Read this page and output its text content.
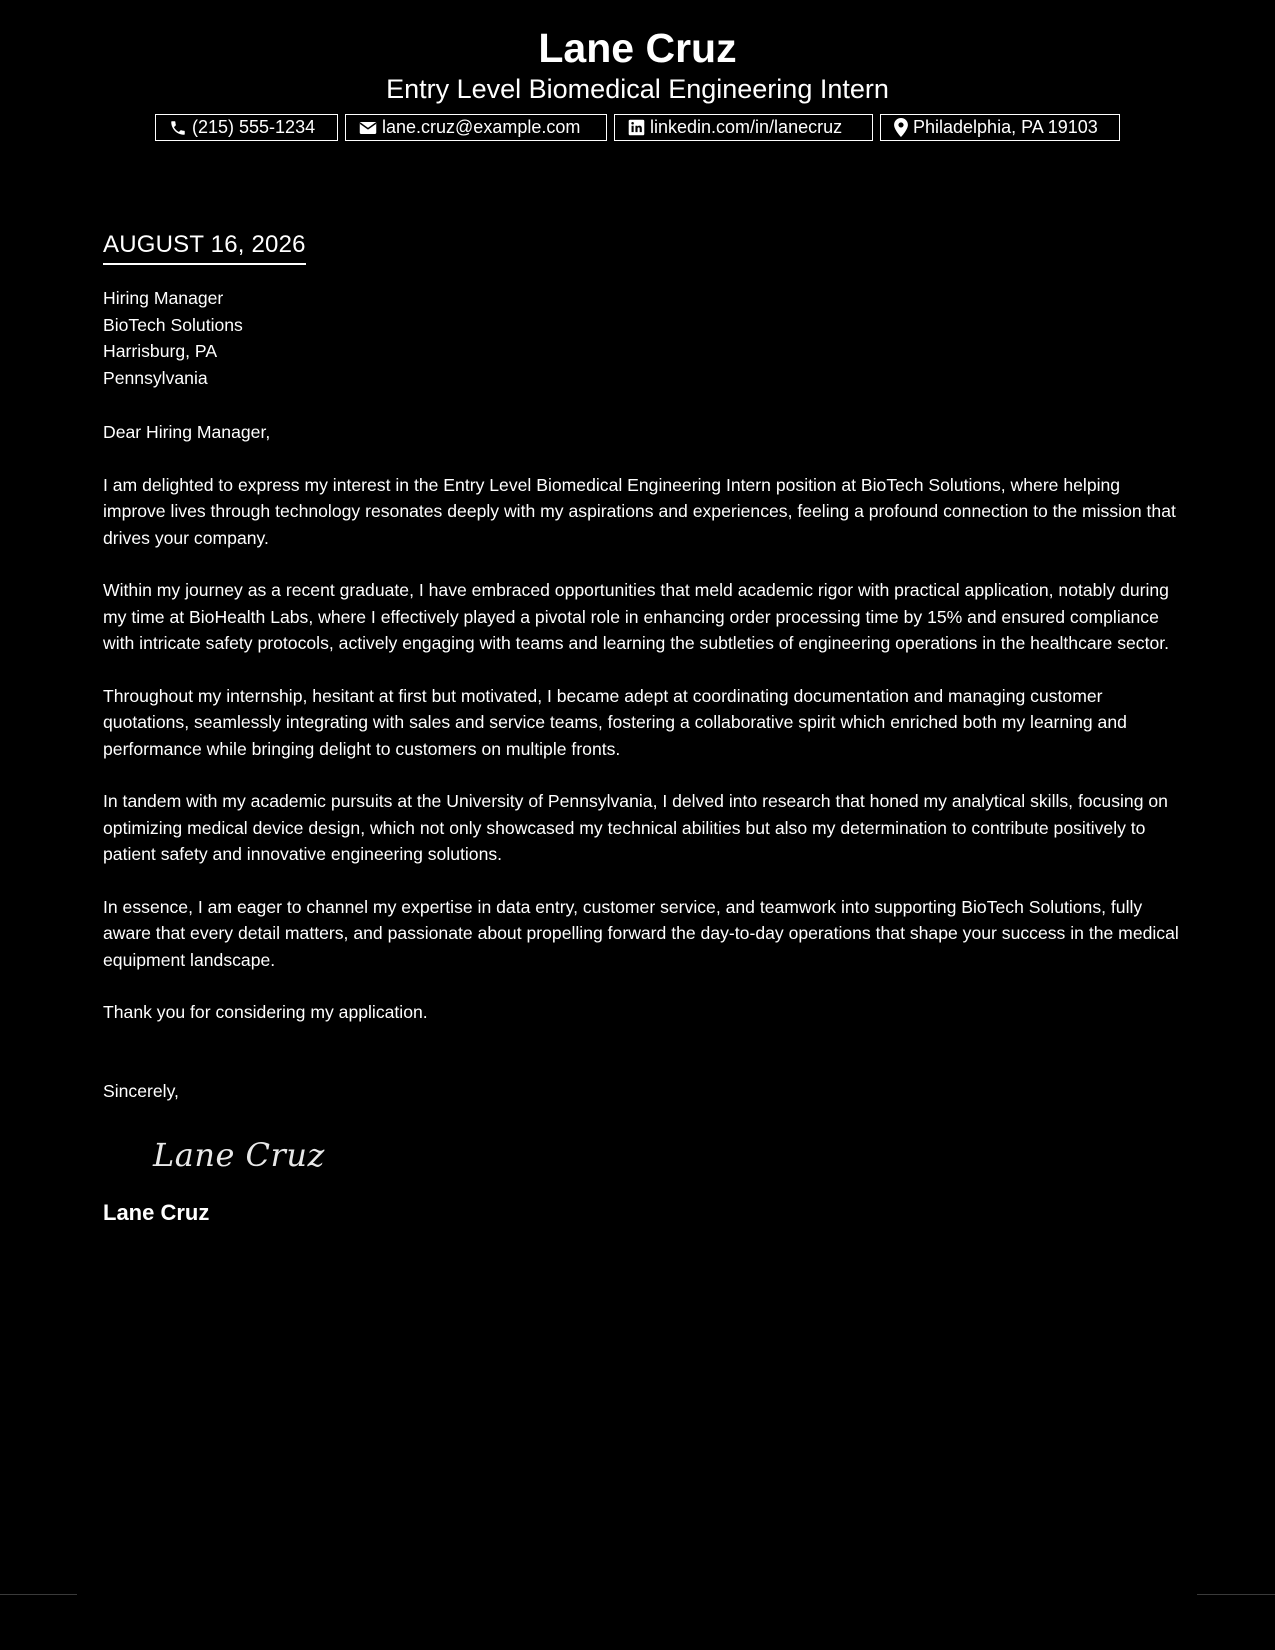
Lane Cruz
Entry Level Biomedical Engineering Intern
(215) 555-1234	lane.cruz@example.com	linkedin.com/in/lanecruz	Philadelphia, PA 19103
AUGUST 16, 2026
Hiring Manager
BioTech Solutions
Harrisburg, PA
Pennsylvania
Dear Hiring Manager,

I am delighted to express my interest in the Entry Level Biomedical Engineering Intern position at BioTech Solutions, where helping improve lives through technology resonates deeply with my aspirations and experiences, feeling a profound connection to the mission that drives your company.

Within my journey as a recent graduate, I have embraced opportunities that meld academic rigor with practical application, notably during my time at BioHealth Labs, where I effectively played a pivotal role in enhancing order processing time by 15% and ensured compliance with intricate safety protocols, actively engaging with teams and learning the subtleties of engineering operations in the healthcare sector.

Throughout my internship, hesitant at first but motivated, I became adept at coordinating documentation and managing customer quotations, seamlessly integrating with sales and service teams, fostering a collaborative spirit which enriched both my learning and performance while bringing delight to customers on multiple fronts.

In tandem with my academic pursuits at the University of Pennsylvania, I delved into research that honed my analytical skills, focusing on optimizing medical device design, which not only showcased my technical abilities but also my determination to contribute positively to patient safety and innovative engineering solutions.

In essence, I am eager to channel my expertise in data entry, customer service, and teamwork into supporting BioTech Solutions, fully aware that every detail matters, and passionate about propelling forward the day-to-day operations that shape your success in the medical equipment landscape.

Thank you for considering my application.
Sincerely,
Lane Cruz
Lane Cruz
